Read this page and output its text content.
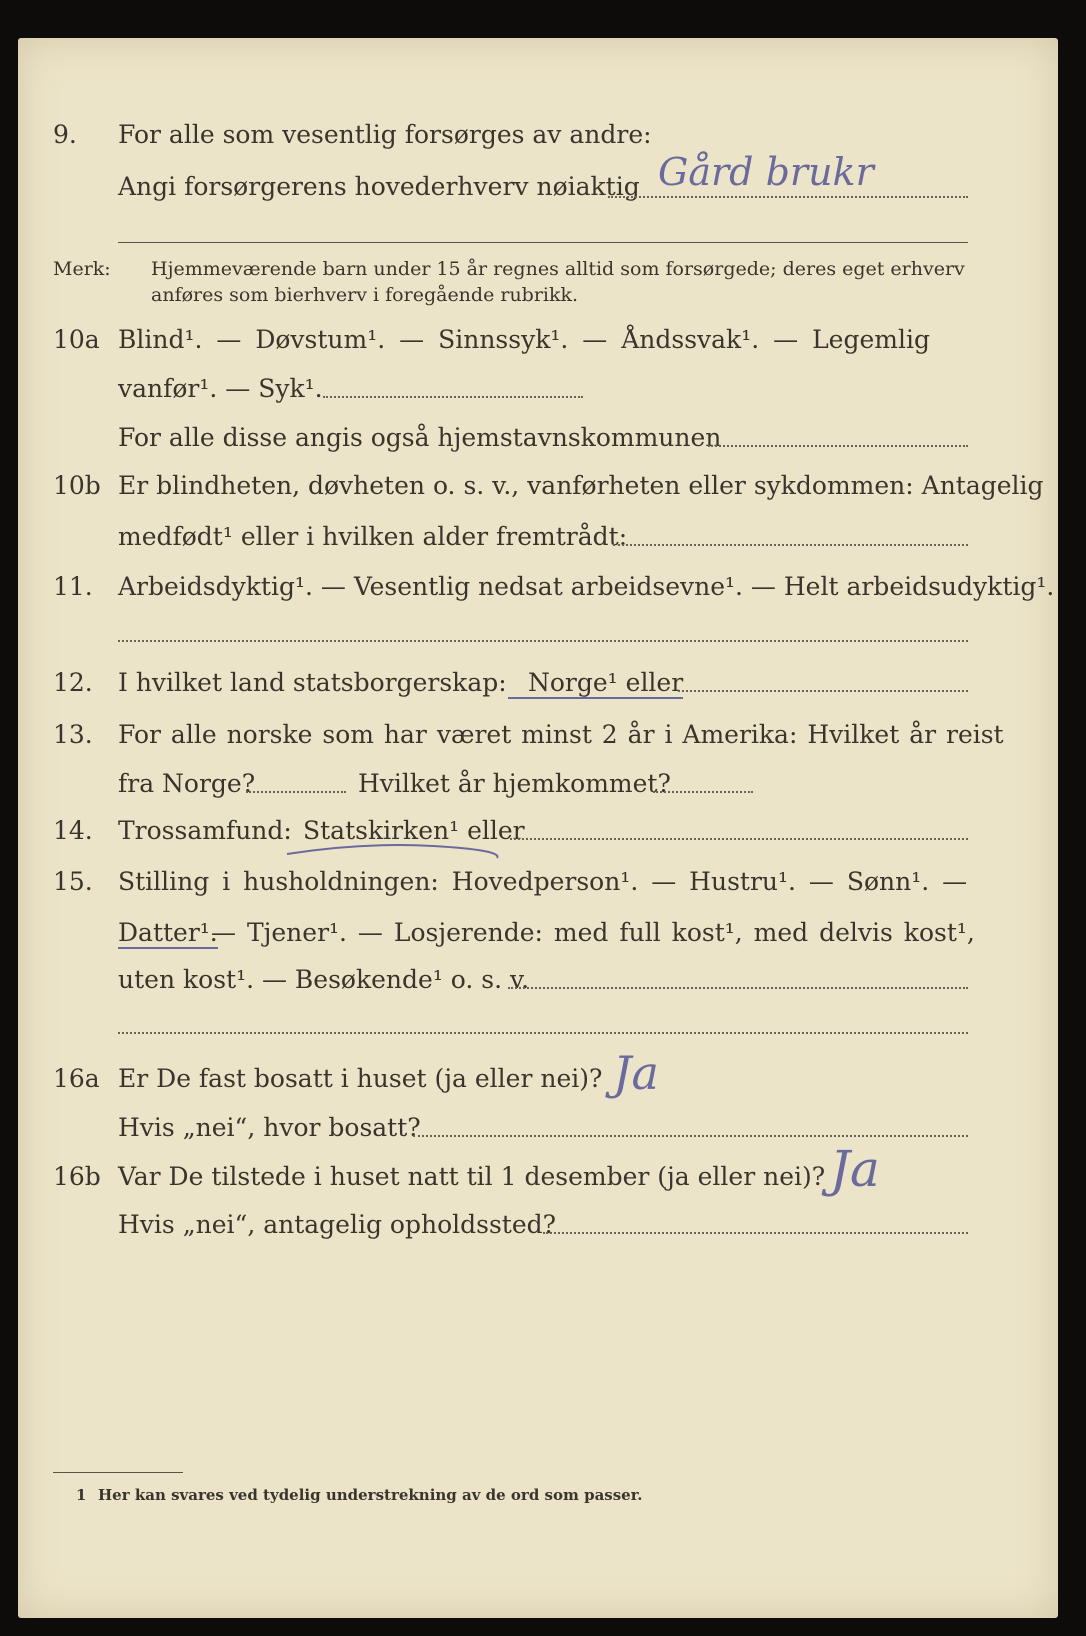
9. For alle som vesentlig forsørges av andre:
Angi forsørgerens hovederhverv nøiaktig Gård brukr
Merk: Hjemmeværende barn under 15 år regnes alltid som forsørgede; deres eget erhverv
anføres som bierhverv i foregående rubrikk.
10a Blind¹. — Døvstum¹. — Sinnssyk¹. — Åndssvak¹. — Legemlig
vanfør¹. — Syk¹.
For alle disse angis også hjemstavnskommunen
10b Er blindheten, døvheten o. s. v., vanførheten eller sykdommen: Antagelig
medfødt¹ eller i hvilken alder fremtrådt:
11. Arbeidsdyktig¹. — Vesentlig nedsat arbeidsevne¹. — Helt arbeidsudyktig¹.
12. I hvilket land statsborgerskap: Norge¹ eller
13. For alle norske som har været minst 2 år i Amerika: Hvilket år reist
fra Norge?	Hvilket år hjemkommet?
14. Trossamfund: Statskirken¹ eller
15. Stilling i husholdningen: Hovedperson¹. — Hustru¹. — Sønn¹. —
Datter¹.
— Tjener¹. — Losjerende: med full kost¹, med delvis kost¹,
uten kost¹. — Besøkende¹ o. s. v.
16a Er De fast bosatt i huset (ja eller nei)? Ja
Hvis „nei“, hvor bosatt?
16b Var De tilstede i huset natt til 1 desember (ja eller nei)? Ja
Hvis „nei“, antagelig opholdssted?
1 Her kan svares ved tydelig understrekning av de ord som passer.
